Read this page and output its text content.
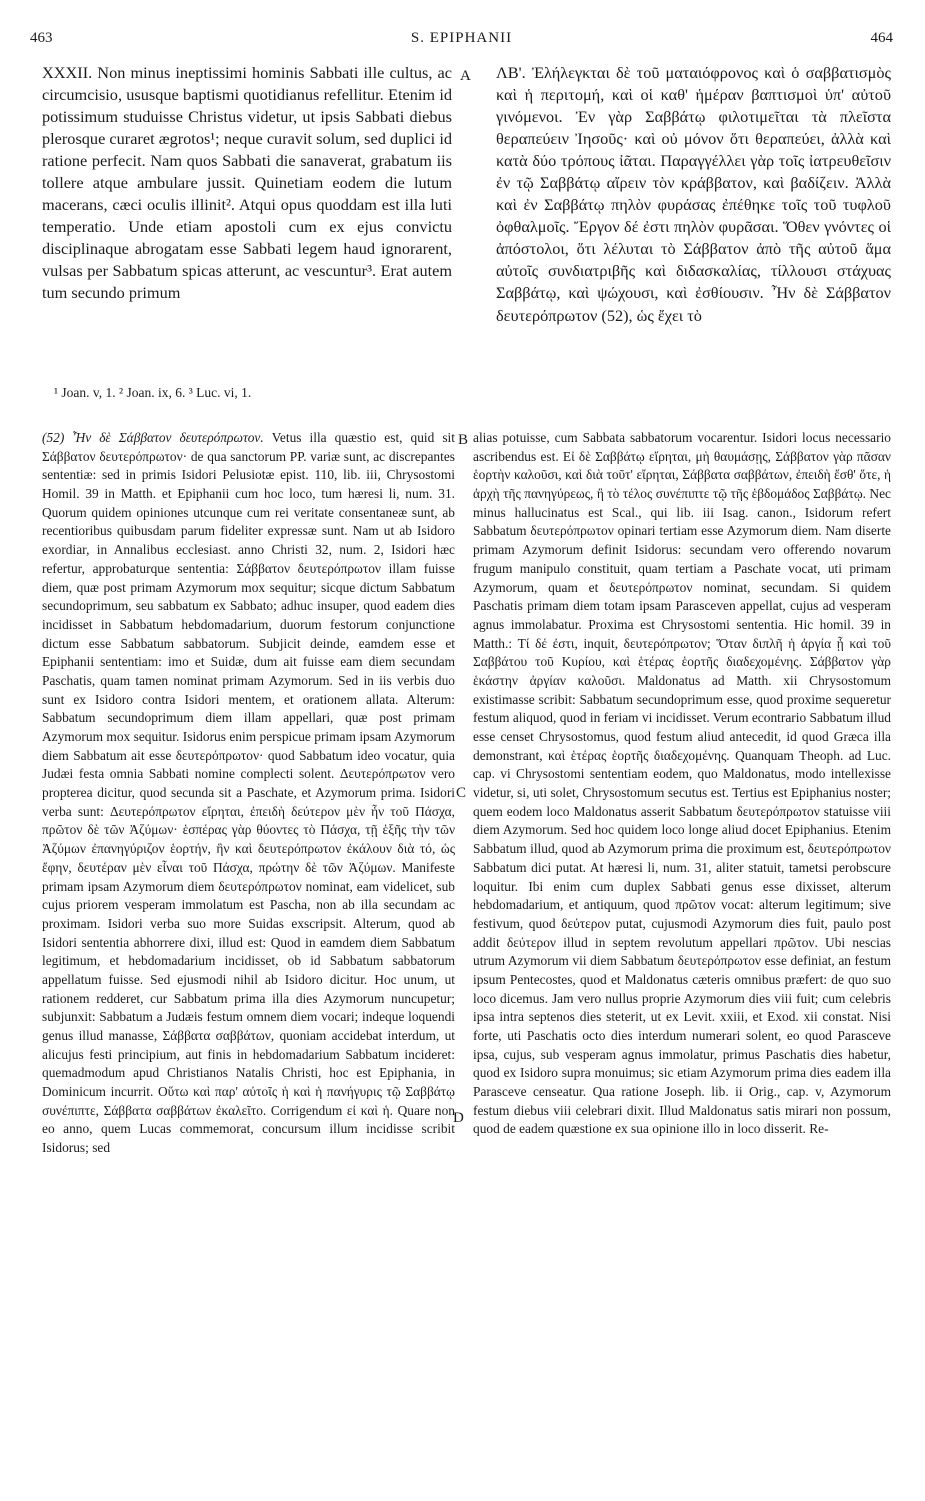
463	S. EPIPHANII	464

XXXII. Non minus ineptissimi hominis Sabbati ille cultus, ac circumcisio, ususque baptismi quotidianus refellitur. Etenim id potissimum studuisse Christus videtur, ut ipsis Sabbati diebus plerosque curaret ægrotos¹; neque curavit solum, sed duplici id ratione perfecit. Nam quos Sabbati die sanaverat, grabatum iis tollere atque ambulare jussit. Quinetiam eodem die lutum macerans, cæci oculis illinit². Atqui opus quoddam est illa luti temperatio. Unde etiam apostoli cum ex ejus convictu disciplinaque abrogatam esse Sabbati legem haud ignorarent, vulsas per Sabbatum spicas atterunt, ac vescuntur³. Erat autem tum secundo primum

A ΛΒ'. Ἐλήλεγκται δὲ τοῦ ματαιόφρονος καὶ ὁ σαββατισμὸς καὶ ἡ περιτομή, καὶ οἱ καθ' ἡμέραν βαπτισμοὶ ὑπ' αὐτοῦ γινόμενοι. Ἐν γὰρ Σαββάτῳ φιλοτιμεῖται τὰ πλεῖστα θεραπεύειν Ἰησοῦς· καὶ οὐ μόνον ὅτι θεραπεύει, ἀλλὰ καὶ κατὰ δύο τρόπους ἰᾶται. Παραγγέλλει γὰρ τοῖς ἰατρευθεῖσιν ἐν τῷ Σαββάτῳ αἴρειν τὸν κράββατον, καὶ βαδίζειν. Ἀλλὰ καὶ ἐν Σαββάτῳ πηλὸν φυράσας ἐπέθηκε τοῖς τοῦ τυφλοῦ ὀφθαλμοῖς. Ἔργον δέ ἐστι πηλὸν φυρᾶσαι. Ὅθεν γνόντες οἱ ἀπόστολοι, ὅτι λέλυται τὸ Σάββατον ἀπὸ τῆς αὐτοῦ ἅμα αὐτοῖς συνδιατριβῆς καὶ διδασκαλίας, τίλλουσι στάχυας Σαββάτῳ, καὶ ψώχουσι, καὶ ἐσθίουσιν. Ἦν δὲ Σάββατον δευτερόπρωτον (52), ὡς ἔχει τὸ

¹ Joan. v, 1. ² Joan. ix, 6. ³ Luc. vi, 1.

(52) Ἦν δὲ Σάββατον δευτερόπρωτον. Vetus illa quæstio est, quid sit Σάββατον δευτερόπρωτον· de qua sanctorum PP. variæ sunt, ac discrepantes sententiæ: sed in primis Isidori Pelusiotæ epist. 110, lib. iii, Chrysostomi Homil. 39 in Matth. et Epiphanii cum hoc loco, tum hæresi li, num. 31. Quorum quidem opiniones utcunque cum rei veritate consentaneæ sunt, ab recentioribus quibusdam parum fideliter expressæ sunt. Nam ut ab Isidoro exordiar, in Annalibus ecclesiast. anno Christi 32, num. 2, Isidori hæc refertur, approbaturque sententia: Σάββατον δευτερόπρωτον illam fuisse diem, quæ post primam Azymorum mox sequitur; sicque dictum Sabbatum secundoprimum, seu sabbatum ex Sabbato; adhuc insuper, quod eadem dies incidisset in Sabbatum hebdomadarium, duorum festorum conjunctione dictum esse Sabbatum sabbatorum. Subjicit deinde, eamdem esse et Epiphanii sententiam: imo et Suidæ, dum ait fuisse eam diem secundam Paschatis, quam tamen nominat primam Azymorum. Sed in iis verbis duo sunt ex Isidoro contra Isidori mentem, et orationem allata. Alterum: Sabbatum secundoprimum diem illam appellari, quæ post primam Azymorum mox sequitur. Isidorus enim perspicue primam ipsam Azymorum diem Sabbatum ait esse δευτερόπρωτον· quod Sabbatum ideo vocatur, quia Judæi festa omnia Sabbati nomine complecti solent. Δευτερόπρωτον vero propterea dicitur, quod secunda sit a Paschate, et Azymorum prima. Isidori verba sunt: Δευτερόπρωτον εἴρηται, ἐπειδὴ δεύτερον μὲν ἦν τοῦ Πάσχα, πρῶτον δὲ τῶν Ἀζύμων· ἑσπέρας γὰρ θύοντες τὸ Πάσχα, τῇ ἑξῆς τὴν τῶν Ἀζύμων ἐπανηγύριζον ἑορτήν, ἣν καὶ δευτερόπρωτον ἐκάλουν διὰ τό, ὡς ἔφην, δευτέραν μὲν εἶναι τοῦ Πάσχα, πρώτην δὲ τῶν Ἀζύμων. Manifeste primam ipsam Azymorum diem δευτερόπρωτον nominat, eam videlicet, sub cujus priorem vesperam immolatum est Pascha, non ab illa secundam ac proximam. Isidori verba suo more Suidas exscripsit. Alterum, quod ab Isidori sententia abhorrere dixi, illud est: Quod in eamdem diem Sabbatum legitimum, et hebdomadarium incidisset, ob id Sabbatum sabbatorum appellatum fuisse. Sed ejusmodi nihil ab Isidoro dicitur. Hoc unum, ut rationem redderet, cur Sabbatum prima illa dies Azymorum nuncupetur; subjunxit: Sabbatum a Judæis festum omnem diem vocari; indeque loquendi genus illud manasse, Σάββατα σαββάτων, quoniam accidebat interdum, ut alicujus festi principium, aut finis in hebdomadarium Sabbatum incideret: quemadmodum apud Christianos Natalis Christi, hoc est Epiphania, in Dominicum incurrit. Οὕτω καὶ παρ' αὐτοῖς ἡ καὶ ἡ πανήγυρις τῷ Σαββάτῳ συνέπιπτε, Σάββατα σαββάτων ἐκαλεῖτο. Corrigendum εἰ καὶ ἡ. Quare non eo anno, quem Lucas commemorat, concursum illum incidisse scribit Isidorus; sed

B
C
D

alias potuisse, cum Sabbata sabbatorum vocarentur. Isidori locus necessario ascribendus est. Εἰ δὲ Σαββάτῳ εἴρηται, μὴ θαυμάσῃς, Σάββατον γὰρ πᾶσαν ἑορτὴν καλοῦσι, καὶ διὰ τοῦτ' εἴρηται, Σάββατα σαββάτων, ἐπειδὴ ἔσθ' ὅτε, ἡ ἀρχὴ τῆς πανηγύρεως, ἢ τὸ τέλος συνέπιπτε τῷ τῆς ἑβδομάδος Σαββάτῳ. Nec minus hallucinatus est Scal., qui lib. iii Isag. canon., Isidorum refert Sabbatum δευτερόπρωτον opinari tertiam esse Azymorum diem. Nam diserte primam Azymorum definit Isidorus: secundam vero offerendo novarum frugum manipulo constituit, quam tertiam a Paschate vocat, uti primam Azymorum, quam et δευτερόπρωτον nominat, secundam. Si quidem Paschatis primam diem totam ipsam Parasceven appellat, cujus ad vesperam agnus immolabatur. Proxima est Chrysostomi sententia. Hic homil. 39 in Matth.: Τί δέ ἐστι, inquit, δευτερόπρωτον; Ὅταν διπλῆ ἡ ἀργία ᾖ καὶ τοῦ Σαββάτου τοῦ Κυρίου, καὶ ἑτέρας ἑορτῆς διαδεχομένης. Σάββατον γὰρ ἑκάστην ἀργίαν καλοῦσι. Maldonatus ad Matth. xii Chrysostomum existimasse scribit: Sabbatum secundoprimum esse, quod proxime sequeretur festum aliquod, quod in feriam vi incidisset. Verum econtrario Sabbatum illud esse censet Chrysostomus, quod festum aliud antecedit, id quod Græca illa demonstrant, καὶ ἑτέρας ἑορτῆς διαδεχομένης. Quanquam Theoph. ad Luc. cap. vi Chrysostomi sententiam eodem, quo Maldonatus, modo intellexisse videtur, si, uti solet, Chrysostomum secutus est. Tertius est Epiphanius noster; quem eodem loco Maldonatus asserit Sabbatum δευτερόπρωτον statuisse viii diem Azymorum. Sed hoc quidem loco longe aliud docet Epiphanius. Etenim Sabbatum illud, quod ab Azymorum prima die proximum est, δευτερόπρωτον Sabbatum dici putat. At hæresi li, num. 31, aliter statuit, tametsi perobscure loquitur. Ibi enim cum duplex Sabbati genus esse dixisset, alterum hebdomadarium, et antiquum, quod πρῶτον vocat: alterum legitimum; sive festivum, quod δεύτερον putat, cujusmodi Azymorum dies fuit, paulo post addit δεύτερον illud in septem revolutum appellari πρῶτον. Ubi nescias utrum Azymorum vii diem Sabbatum δευτερόπρωτον esse definiat, an festum ipsum Pentecostes, quod et Maldonatus cæteris omnibus præfert: de quo suo loco dicemus. Jam vero nullus proprie Azymorum dies viii fuit; cum celebris ipsa intra septenos dies steterit, ut ex Levit. xxiii, et Exod. xii constat. Nisi forte, uti Paschatis octo dies interdum numerari solent, eo quod Parasceve ipsa, cujus, sub vesperam agnus immolatur, primus Paschatis dies habetur, quod ex Isidoro supra monuimus; sic etiam Azymorum prima dies eadem illa Parasceve censeatur. Qua ratione Joseph. lib. ii Orig., cap. v, Azymorum festum diebus viii celebrari dixit. Illud Maldonatus satis mirari non possum, quod de eadem quæstione ex sua opinione illo in loco disserit. Re-
